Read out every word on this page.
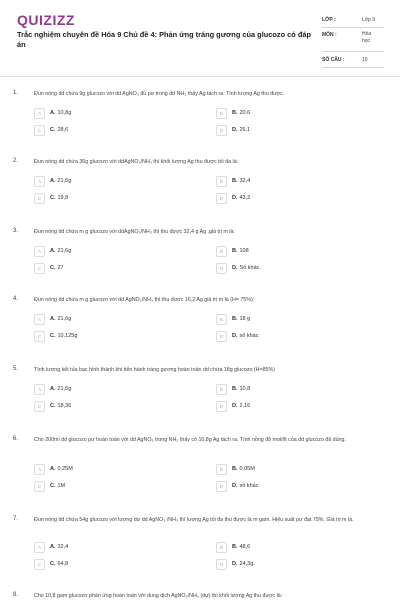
QUIZIZZ
Trắc nghiệm chuyên đề Hóa 9 Chủ đề 4: Phản ứng tráng gương của glucozo có đáp án
LỚP :	Lớp 9
MÔN :	Hóa học
SỐ CÂU :	10
1.	Đun nóng dd chứa 9g glucozo với dd AgNO₃ đủ pư trong dd NH₃ thấy Ag tách ra. Tính lượng Ag thu được.
A	A. 10,8g	B	B. 20,6
C	C. 28,6	D	D. 26,1
2.	Đun nóng dd chứa 36g glucozo với ddAgNO₃/NH₃ thì khối lượng Ag thu được tối đa là:
A	A. 21,6g	B	B. 32,4
C	C. 19,8	D	D. 43,2
3.	Đun nóng dd chứa m g glucozo với ddAgNO₃/NH₃ thì thu được 32,4 g Ag .giá trị m là:
A	A. 21,6g	B	B. 108
C	C. 27	D	D. Số khác.
4.	Đun nóng dd chứa m g glucozo với dd AgNO₃/NH₃ thì thu được 16,2 Ag giá trị m là (H= 75%):
A	A. 21,6g	B	B. 18 g
C	C. 10,125g	D	D. số khác
5.	Tính lượng kết tủa bạc hình thành khi tiến hành tráng gương hoàn toàn dd chứa 18g glucozo (H=85%)
A	A. 21,6g	B	B. 10,8
C	C. 18,36	D	D. 2,16
6.	Cho 200ml dd glucozo pư hoàn toàn với dd AgNO₃ trong NH₃ thấy có 10,8g Ag tách ra. Tính nồng độ mol/lít của dd glucozo đã dùng.
A	A. 0,25M	B	B. 0,05M
C	C. 1M	D	D. số khác
7.	Đun nóng dd chứa 54g glucozo với lượng dư dd AgNO₃ /NH₃ thì lượng Ag tối đa thu được là m gam. Hiệu suất pư đạt 75%. Giá trị m là.
A	A. 32,4	B	B. 48,6
C	C. 64,8	D	D. 24,3g.
8.	Cho 10,8 gam glucozơ phản ứng hoàn toàn với dung dịch AgNO₃/NH₃ (dư) thì khối lượng Ag thu được là:
